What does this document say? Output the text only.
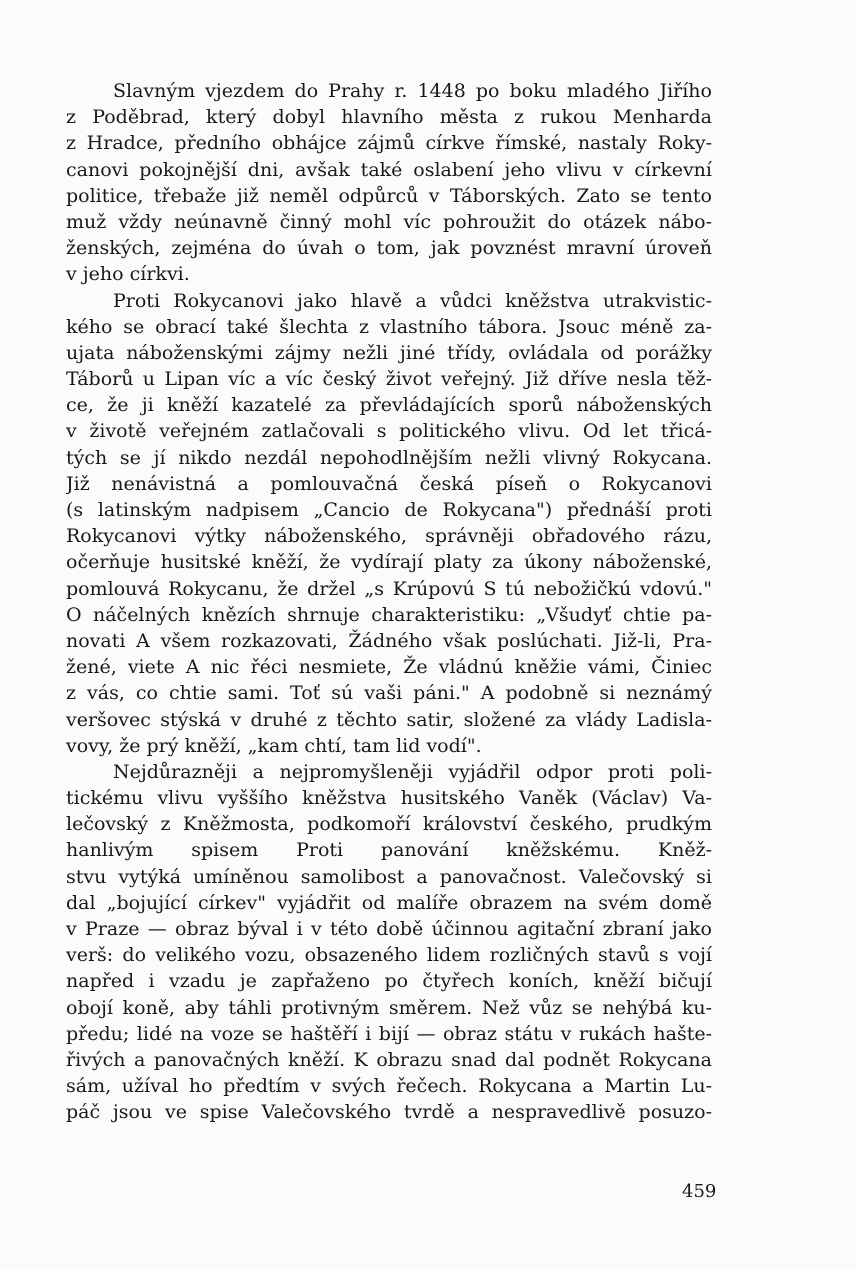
Slavným vjezdem do Prahy r. 1448 po boku mladého Jiřího
z Poděbrad, který dobyl hlavního města z rukou Menharda
z Hradce, předního obhájce zájmů církve římské, nastaly Roky-
canovi pokojnější dni, avšak také oslabení jeho vlivu v církevní
politice, třebaže již neměl odpůrců v Táborských. Zato se tento
muž vždy neúnavně činný mohl víc pohroužit do otázek nábo-
ženských, zejména do úvah o tom, jak povznést mravní úroveň
v jeho církvi.
Proti Rokycanovi jako hlavě a vůdci kněžstva utrakvistic-
kého se obrací také šlechta z vlastního tábora. Jsouc méně za-
ujata náboženskými zájmy nežli jiné třídy, ovládala od porážky
Táborů u Lipan víc a víc český život veřejný. Již dříve nesla těž-
ce, že ji kněží kazatelé za převládajících sporů náboženských
v životě veřejném zatlačovali s politického vlivu. Od let třicá-
tých se jí nikdo nezdál nepohodlnějším nežli vlivný Rokycana.
Již nenávistná a pomlouvačná česká píseň o Rokycanovi
(s latinským nadpisem „Cancio de Rokycana") přednáší proti
Rokycanovi výtky náboženského, správněji obřadového rázu,
očerňuje husitské kněží, že vydírají platy za úkony náboženské,
pomlouvá Rokycanu, že držel „s Krúpovú S tú nebožičkú vdovú."
O náčelných knězích shrnuje charakteristiku: „Všudyť chtie pa-
novati A všem rozkazovati, Žádného však poslúchati. Již-li, Pra-
žené, viete A nic řéci nesmiete, Že vládnú kněžie vámi, Činiec
z vás, co chtie sami. Toť sú vaši páni." A podobně si neznámý
veršovec stýská v druhé z těchto satir, složené za vlády Ladisla-
vovy, že prý kněží, „kam chtí, tam lid vodí".
Nejdůrazněji a nejpromyšleněji vyjádřil odpor proti poli-
tickému vlivu vyššího kněžstva husitského Vaněk (Václav) Va-
lečovský z Kněžmosta, podkomoří království českého, prudkým
hanlivým spisem Proti panování kněžskému. Kněž-
stvu vytýká umíněnou samolibost a panovačnost. Valečovský si
dal „bojující církev" vyjádřit od malíře obrazem na svém domě
v Praze — obraz býval i v této době účinnou agitační zbraní jako
verš: do velikého vozu, obsazeného lidem rozličných stavů s vojí
napřed i vzadu je zapřaženo po čtyřech koních, kněží bičují
obojí koně, aby táhli protivným směrem. Než vůz se nehýbá ku-
předu; lidé na voze se haštěří i bijí — obraz státu v rukách hašte-
řivých a panovačných kněží. K obrazu snad dal podnět Rokycana
sám, užíval ho předtím v svých řečech. Rokycana a Martin Lu-
páč jsou ve spise Valečovského tvrdě a nespravedlivě posuzo-
459
